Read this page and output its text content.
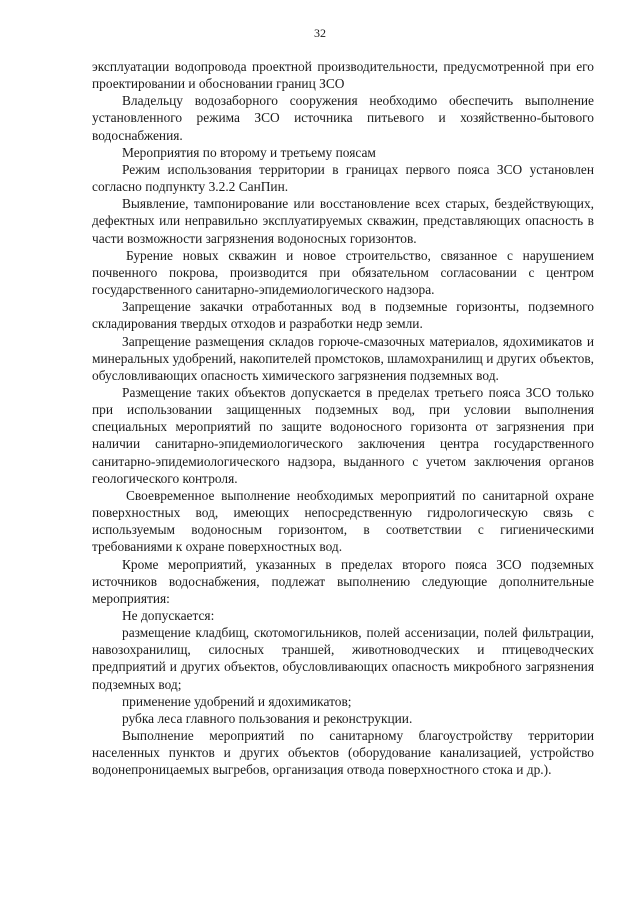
32

эксплуатации водопровода проектной производительности, предусмотренной при его проектировании и обосновании границ ЗСО

Владельцу водозаборного сооружения необходимо обеспечить выполнение установленного режима ЗСО источника питьевого и хозяйственно-бытового водоснабжения.

Мероприятия по второму и третьему поясам

Режим использования территории в границах первого пояса ЗСО установлен согласно подпункту 3.2.2 СанПин.

Выявление, тампонирование или восстановление всех старых, бездействующих, дефектных или неправильно эксплуатируемых скважин, представляющих опасность в части возможности загрязнения водоносных горизонтов.

Бурение новых скважин и новое строительство, связанное с нарушением почвенного покрова, производится при обязательном согласовании с центром государственного санитарно-эпидемиологического надзора.

Запрещение закачки отработанных вод в подземные горизонты, подземного складирования твердых отходов и разработки недр земли.

Запрещение размещения складов горюче-смазочных материалов, ядохимикатов и минеральных удобрений, накопителей промстоков, шламохранилищ и других объектов, обусловливающих опасность химического загрязнения подземных вод.

Размещение таких объектов допускается в пределах третьего пояса ЗСО только при использовании защищенных подземных вод, при условии выполнения специальных мероприятий по защите водоносного горизонта от загрязнения при наличии санитарно-эпидемиологического заключения центра государственного санитарно-эпидемиологического надзора, выданного с учетом заключения органов геологического контроля.

Своевременное выполнение необходимых мероприятий по санитарной охране поверхностных вод, имеющих непосредственную гидрологическую связь с используемым водоносным горизонтом, в соответствии с гигиеническими требованиями к охране поверхностных вод.

Кроме мероприятий, указанных в пределах второго пояса ЗСО подземных источников водоснабжения, подлежат выполнению следующие дополнительные мероприятия:

Не допускается:

размещение кладбищ, скотомогильников, полей ассенизации, полей фильтрации, навозохранилищ, силосных траншей, животноводческих и птицеводческих предприятий и других объектов, обусловливающих опасность микробного загрязнения подземных вод;

применение удобрений и ядохимикатов;

рубка леса главного пользования и реконструкции.

Выполнение мероприятий по санитарному благоустройству территории населенных пунктов и других объектов (оборудование канализацией, устройство водонепроницаемых выгребов, организация отвода поверхностного стока и др.).
